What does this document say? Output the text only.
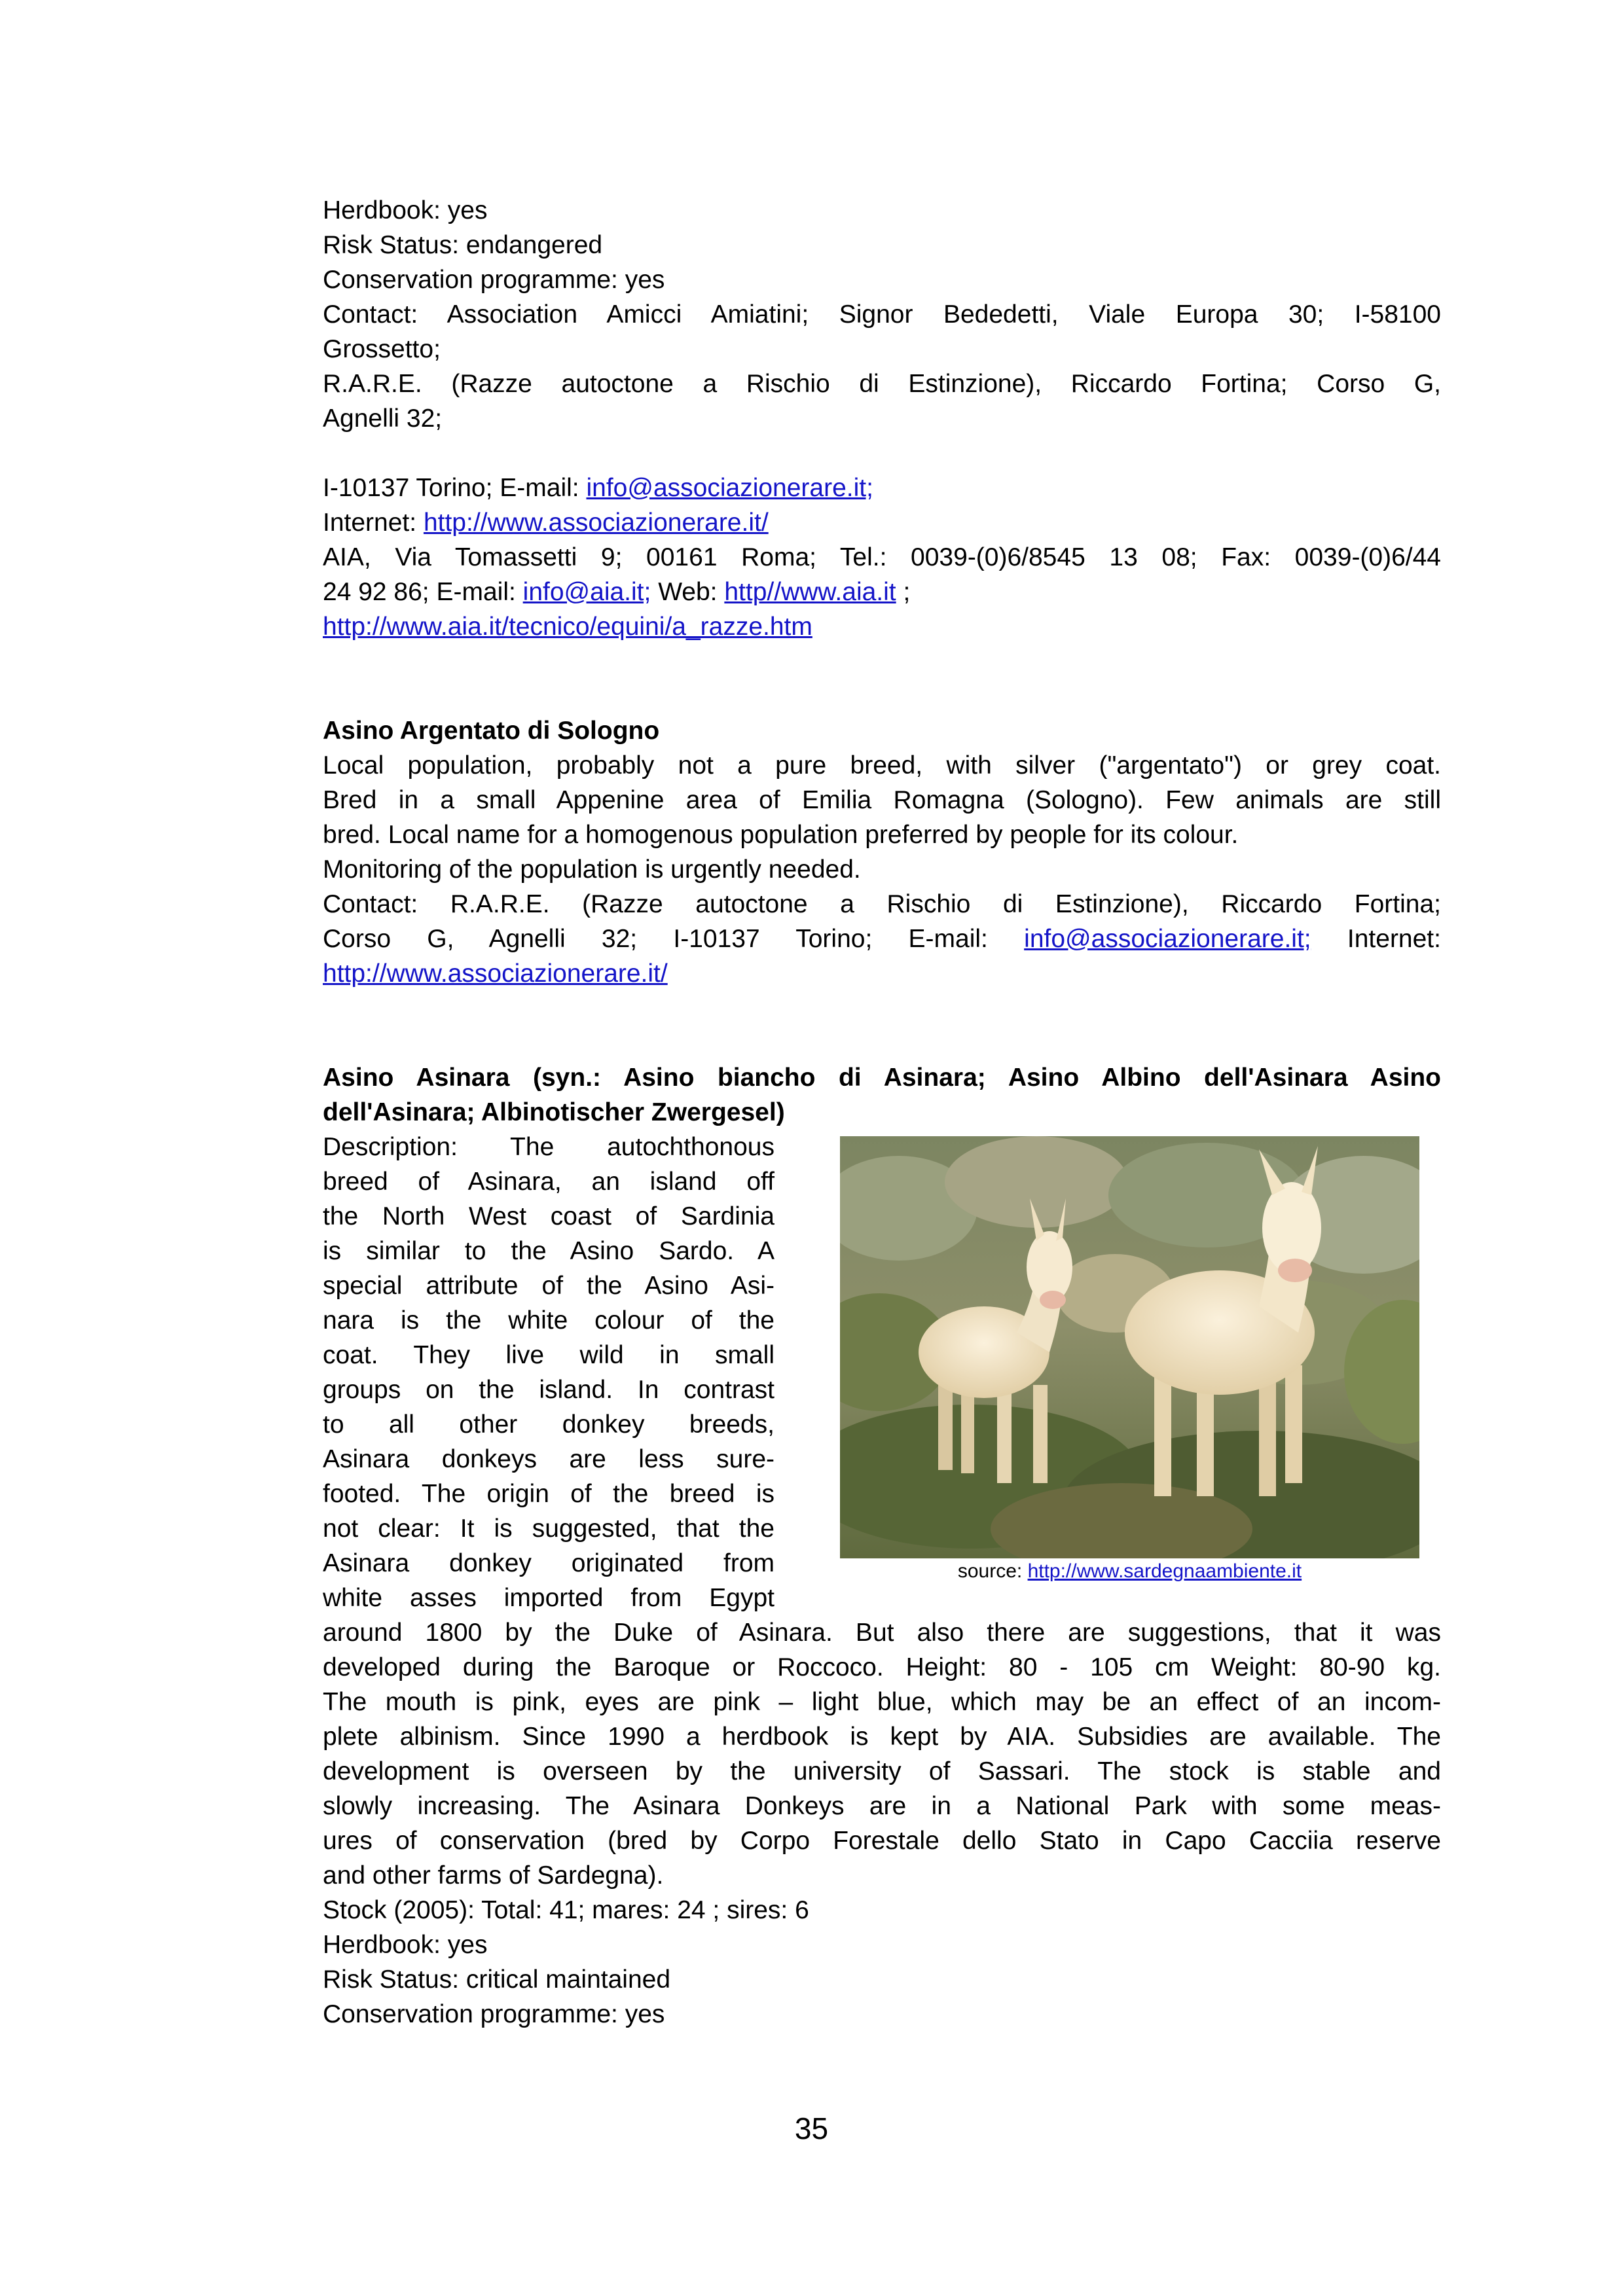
Herdbook: yes
Risk Status: endangered
Conservation programme: yes
Contact: Association Amicci Amiatini; Signor Bededetti, Viale Europa 30; I-58100
Grossetto;
R.A.R.E. (Razze autoctone a Rischio di Estinzione), Riccardo Fortina; Corso G,
Agnelli 32;
I-10137 Torino; E-mail: info@associazionerare.it;
Internet: http://www.associazionerare.it/
AIA, Via Tomassetti 9; 00161 Roma; Tel.: 0039-(0)6/8545 13 08; Fax: 0039-(0)6/44
24 92 86; E-mail: info@aia.it; Web: http//www.aia.it ;
http://www.aia.it/tecnico/equini/a_razze.htm
Asino Argentato di Sologno
Local population, probably not a pure breed, with silver ("argentato") or grey coat.
Bred in a small Appenine area of Emilia Romagna (Sologno). Few animals are still
bred. Local name for a homogenous population preferred by people for its colour.
Monitoring of the population is urgently needed.
Contact: R.A.R.E. (Razze autoctone a Rischio di Estinzione), Riccardo Fortina;
Corso G, Agnelli 32; I-10137 Torino; E-mail: info@associazionerare.it; Internet:
http://www.associazionerare.it/
Asino Asinara (syn.: Asino biancho di Asinara; Asino Albino dell'Asinara Asino
dell'Asinara; Albinotischer Zwergesel)
Description: The autochthonous
breed of Asinara, an island off
the North West coast of Sardinia
is similar to the Asino Sardo. A
special attribute of the Asino Asi-
nara is the white colour of the
coat. They live wild in small
groups on the island. In contrast
to all other donkey breeds,
Asinara donkeys are less sure-
footed. The origin of the breed is
not clear: It is suggested, that the
Asinara donkey originated from
white asses imported from Egypt
source: http://www.sardegnaambiente.it
around 1800 by the Duke of Asinara. But also there are suggestions, that it was
developed during the Baroque or Roccoco. Height: 80 - 105 cm Weight: 80-90 kg.
The mouth is pink, eyes are pink – light blue, which may be an effect of an incom-
plete albinism. Since 1990 a herdbook is kept by AIA. Subsidies are available. The
development is overseen by the university of Sassari. The stock is stable and
slowly increasing. The Asinara Donkeys are in a National Park with some meas-
ures of conservation (bred by Corpo Forestale dello Stato in Capo Cacciia reserve
and other farms of Sardegna).
Stock (2005): Total: 41; mares: 24 ; sires: 6
Herdbook: yes
Risk Status: critical maintained
Conservation programme: yes
35
